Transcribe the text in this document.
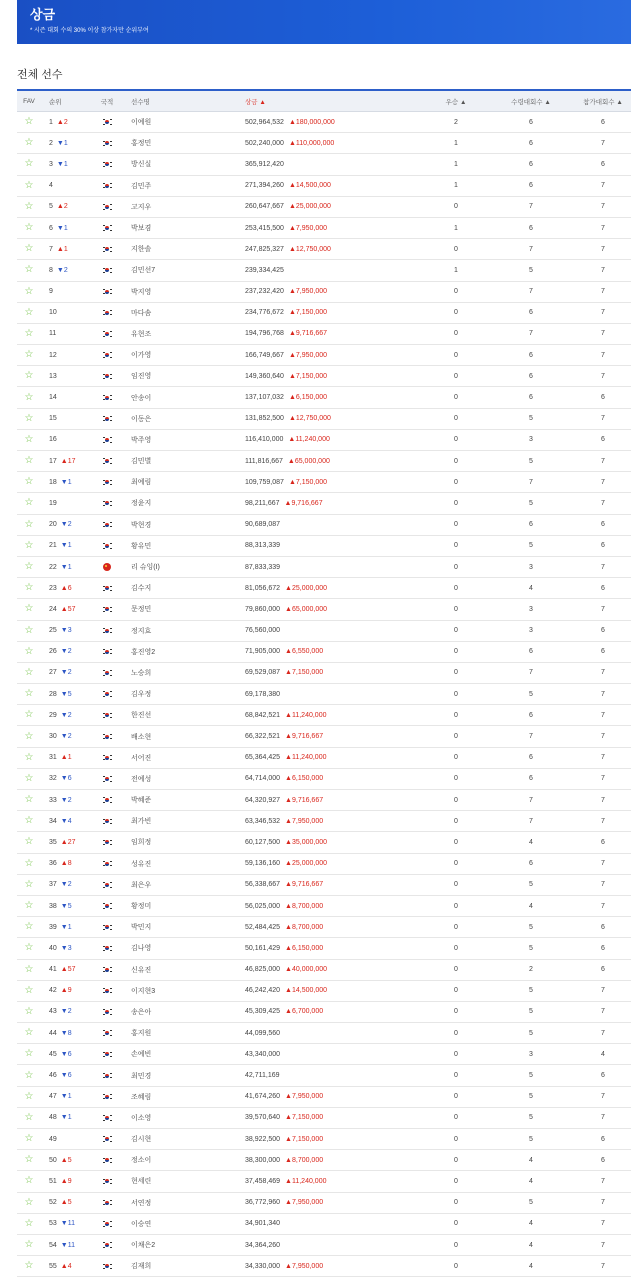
상금
* 시즌 대회 수의 30% 이상 참가자만 순위부여
전체 선수
FAV	순위	국적	선수명	상금 ▲	우승 ▲	수령대회수 ▲	참가대회수 ▲
☆	1 ▲2	이예원	502,964,532 ▲180,000,000	2	6	6
☆	2 ▼1	홍정민	502,240,000 ▲110,000,000	1	6	7
☆	3 ▼1	방신실	365,912,420	1	6	6
☆	4	김민주	271,394,260 ▲14,500,000	1	6	7
☆	5 ▲2	고지우	260,647,667 ▲25,000,000	0	7	7
☆	6 ▼1	박보겸	253,415,500 ▲7,950,000	1	6	7
☆	7 ▲1	지한솔	247,825,327 ▲12,750,000	0	7	7
☆	8 ▼2	김민선7	239,334,425	1	5	7
☆	9	박지영	237,232,420 ▲7,950,000	0	7	7
☆	10	마다솜	234,776,672 ▲7,150,000	0	6	7
☆	11	유현조	194,796,768 ▲9,716,667	0	7	7
☆	12	이가영	166,749,667 ▲7,950,000	0	6	7
☆	13	임진영	149,360,640 ▲7,150,000	0	6	7
☆	14	안송이	137,107,032 ▲6,150,000	0	6	6
☆	15	이동은	131,852,500 ▲12,750,000	0	5	7
☆	16	박주영	116,410,000 ▲11,240,000	0	3	6
☆	17 ▲17	김민별	111,816,667 ▲65,000,000	0	5	7
☆	18 ▼1	최예림	109,759,087 ▲7,150,000	0	7	7
☆	19	정윤지	98,211,667 ▲9,716,667	0	5	7
☆	20 ▼2	박현경	90,689,087	0	6	6
☆	21 ▼1	황유민	88,313,339	0	5	6
☆	22 ▼1	리 슈잉(I)	87,833,339	0	3	7
☆	23 ▲6	김수지	81,056,672 ▲25,000,000	0	4	6
☆	24 ▲57	문정민	79,860,000 ▲65,000,000	0	3	7
☆	25 ▼3	정지효	76,560,000	0	3	6
☆	26 ▼2	홍진영2	71,905,000 ▲6,550,000	0	6	6
☆	27 ▼2	노승희	69,529,087 ▲7,150,000	0	7	7
☆	28 ▼5	김우정	69,178,380	0	5	7
☆	29 ▼2	한진선	68,842,521 ▲11,240,000	0	6	7
☆	30 ▼2	배소현	66,322,521 ▲9,716,667	0	7	7
☆	31 ▲1	서어진	65,364,425 ▲11,240,000	0	6	7
☆	32 ▼6	전예성	64,714,000 ▲6,150,000	0	6	7
☆	33 ▼2	박혜준	64,320,927 ▲9,716,667	0	7	7
☆	34 ▼4	최가빈	63,346,532 ▲7,950,000	0	7	7
☆	35 ▲27	임희정	60,127,500 ▲35,000,000	0	4	6
☆	36 ▲8	성유진	59,136,160 ▲25,000,000	0	6	7
☆	37 ▼2	최은우	56,338,667 ▲9,716,667	0	5	7
☆	38 ▼5	황정미	56,025,000 ▲8,700,000	0	4	7
☆	39 ▼1	박민지	52,484,425 ▲8,700,000	0	5	6
☆	40 ▼3	김나영	50,161,429 ▲6,150,000	0	5	6
☆	41 ▲57	신유진	46,825,000 ▲40,000,000	0	2	6
☆	42 ▲9	이지현3	46,242,420 ▲14,500,000	0	5	7
☆	43 ▼2	송은아	45,309,425 ▲6,700,000	0	5	7
☆	44 ▼8	홍지원	44,099,560	0	5	7
☆	45 ▼6	손예빈	43,340,000	0	3	4
☆	46 ▼6	최민경	42,711,169	0	5	6
☆	47 ▼1	조혜림	41,674,260 ▲7,950,000	0	5	7
☆	48 ▼1	이소영	39,570,640 ▲7,150,000	0	5	7
☆	49	김시현	38,922,500 ▲7,150,000	0	5	6
☆	50 ▲5	정소이	38,300,000 ▲8,700,000	0	4	6
☆	51 ▲9	현세린	37,458,469 ▲11,240,000	0	4	7
☆	52 ▲5	서연정	36,772,960 ▲7,950,000	0	5	7
☆	53 ▼11	이승연	34,901,340	0	4	7
☆	54 ▼11	이채은2	34,364,260	0	4	7
☆	55 ▲4	김재희	34,330,000 ▲7,950,000	0	4	7
